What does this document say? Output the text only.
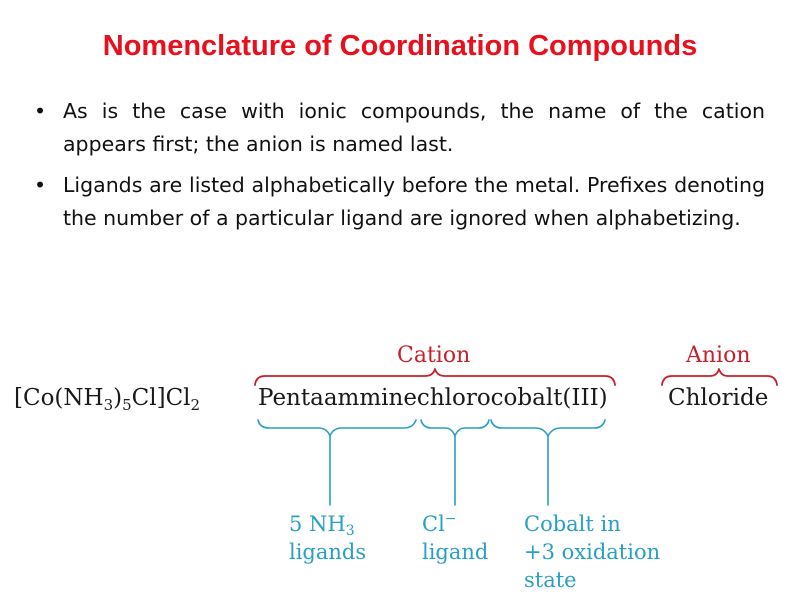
Nomenclature of Coordination Compounds
• As is the case with ionic compounds, the name of the cation appears first; the anion is named last.
• Ligands are listed alphabetically before the metal. Prefixes denoting the number of a particular ligand are ignored when alphabetizing.
$[Co(NH_3)_5Cl]Cl_2$
Cation	Anion
Pentaamminechlorocobalt(III)	Chloride
5 $NH_3$
ligands
Cl−
ligand
Cobalt in
+3 oxidation
state
